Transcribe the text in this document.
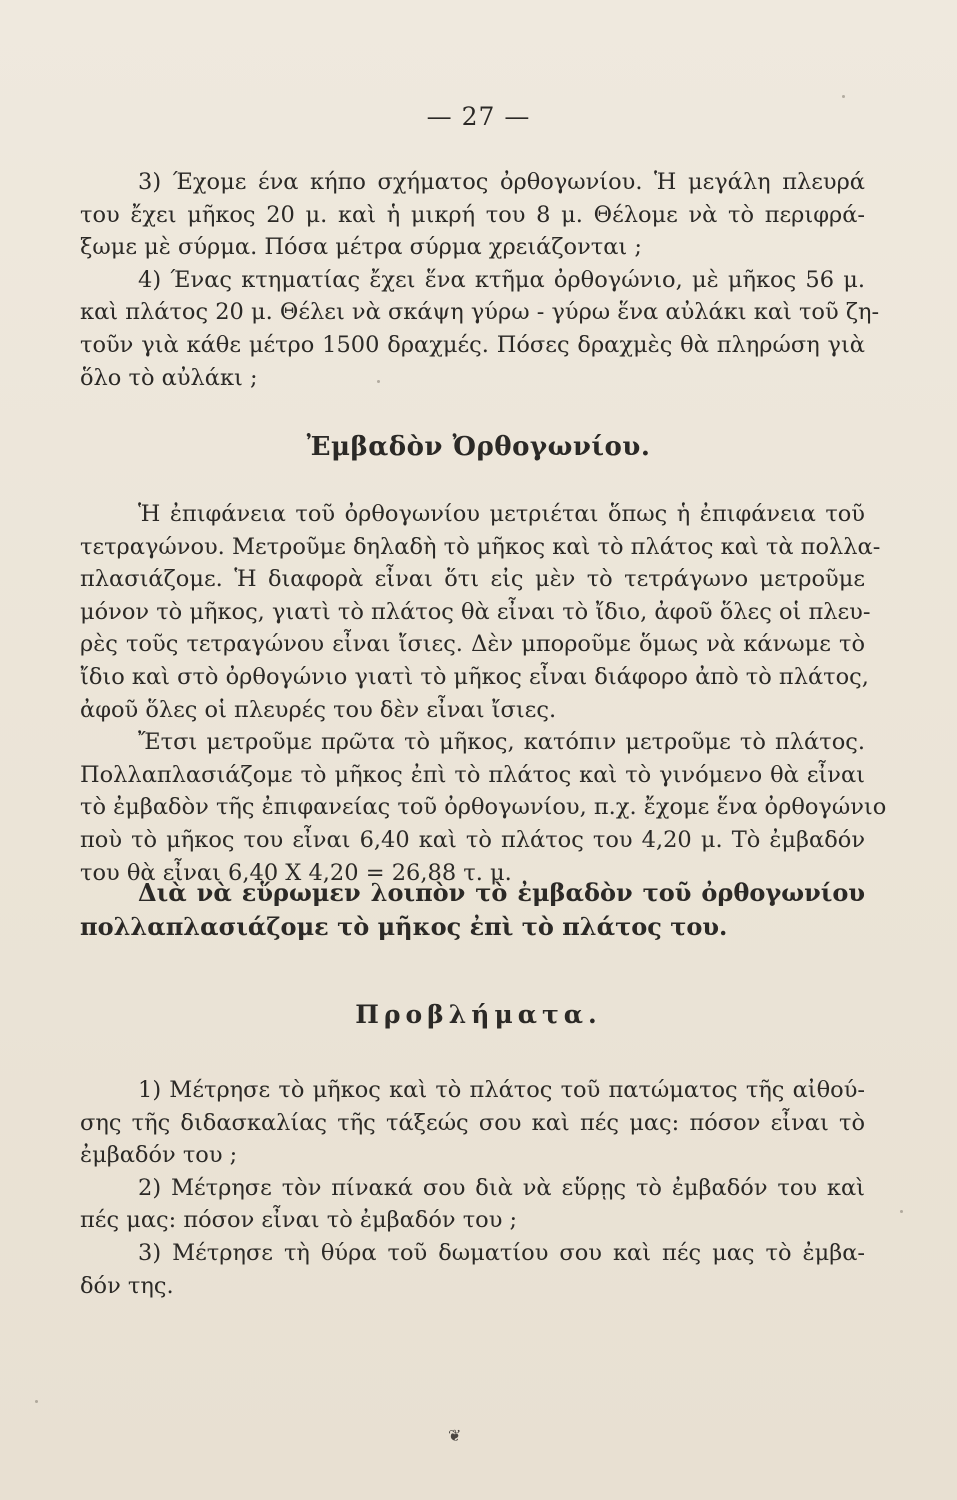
— 27 —
3) Έχομε ένα κήπο σχήματος ὀρθογωνίου. Ἡ μεγάλη πλευρά
του ἔχει μῆκος 20 μ. καὶ ἡ μικρή του 8 μ. Θέλομε νὰ τὸ περιφρά-
ξωμε μὲ σύρμα. Πόσα μέτρα σύρμα χρειάζονται ;
4) Ένας κτηματίας ἔχει ἕνα κτῆμα ὀρθογώνιο, μὲ μῆκος 56 μ.
καὶ πλάτος 20 μ. Θέλει νὰ σκάψη γύρω - γύρω ἕνα αὐλάκι καὶ τοῦ ζη-
τοῦν γιὰ κάθε μέτρο 1500 δραχμές. Πόσες δραχμὲς θὰ πληρώση γιὰ
ὅλο τὸ αὐλάκι ;
Ἐμβαδὸν Ὀρθογωνίου.
Ἡ ἐπιφάνεια τοῦ ὀρθογωνίου μετριέται ὅπως ἡ ἐπιφάνεια τοῦ
τετραγώνου. Μετροῦμε δηλαδὴ τὸ μῆκος καὶ τὸ πλάτος καὶ τὰ πολλα-
πλασιάζομε. Ἡ διαφορὰ εἶναι ὅτι εἰς μὲν τὸ τετράγωνο μετροῦμε
μόνον τὸ μῆκος, γιατὶ τὸ πλάτος θὰ εἶναι τὸ ἴδιο, ἀφοῦ ὅλες οἱ πλευ-
ρὲς τοῦς τετραγώνου εἶναι ἴσιες. Δὲν μποροῦμε ὅμως νὰ κάνωμε τὸ
ἴδιο καὶ στὸ ὀρθογώνιο γιατὶ τὸ μῆκος εἶναι διάφορο ἀπὸ τὸ πλάτος,
ἀφοῦ ὅλες οἱ πλευρές του δὲν εἶναι ἴσιες.
Ἔτσι μετροῦμε πρῶτα τὸ μῆκος, κατόπιν μετροῦμε τὸ πλάτος.
Πολλαπλασιάζομε τὸ μῆκος ἐπὶ τὸ πλάτος καὶ τὸ γινόμενο θὰ εἶναι
τὸ ἐμβαδὸν τῆς ἐπιφανείας τοῦ ὀρθογωνίου, π.χ. ἔχομε ἕνα ὀρθογώνιο
ποὺ τὸ μῆκος του εἶναι 6,40 καὶ τὸ πλάτος του 4,20 μ. Τὸ ἐμβαδόν
του θὰ εἶναι 6,40 X 4,20 = 26,88 τ. μ.
Διὰ νὰ εὕρωμεν λοιπὸν τὸ ἐμβαδὸν τοῦ ὀρθογωνίου
πολλαπλασιάζομε τὸ μῆκος ἐπὶ τὸ πλάτος του.
Προβλήματα.
1) Μέτρησε τὸ μῆκος καὶ τὸ πλάτος τοῦ πατώματος τῆς αἰθού-
σης τῆς διδασκαλίας τῆς τάξεώς σου καὶ πές μας: πόσον εἶναι τὸ
ἐμβαδόν του ;
2) Μέτρησε τὸν πίνακά σου διὰ νὰ εὕρῃς τὸ ἐμβαδόν του καὶ
πές μας: πόσον εἶναι τὸ ἐμβαδόν του ;
3) Μέτρησε τὴ θύρα τοῦ δωματίου σου καὶ πές μας τὸ ἐμβα-
δόν της.
❦
